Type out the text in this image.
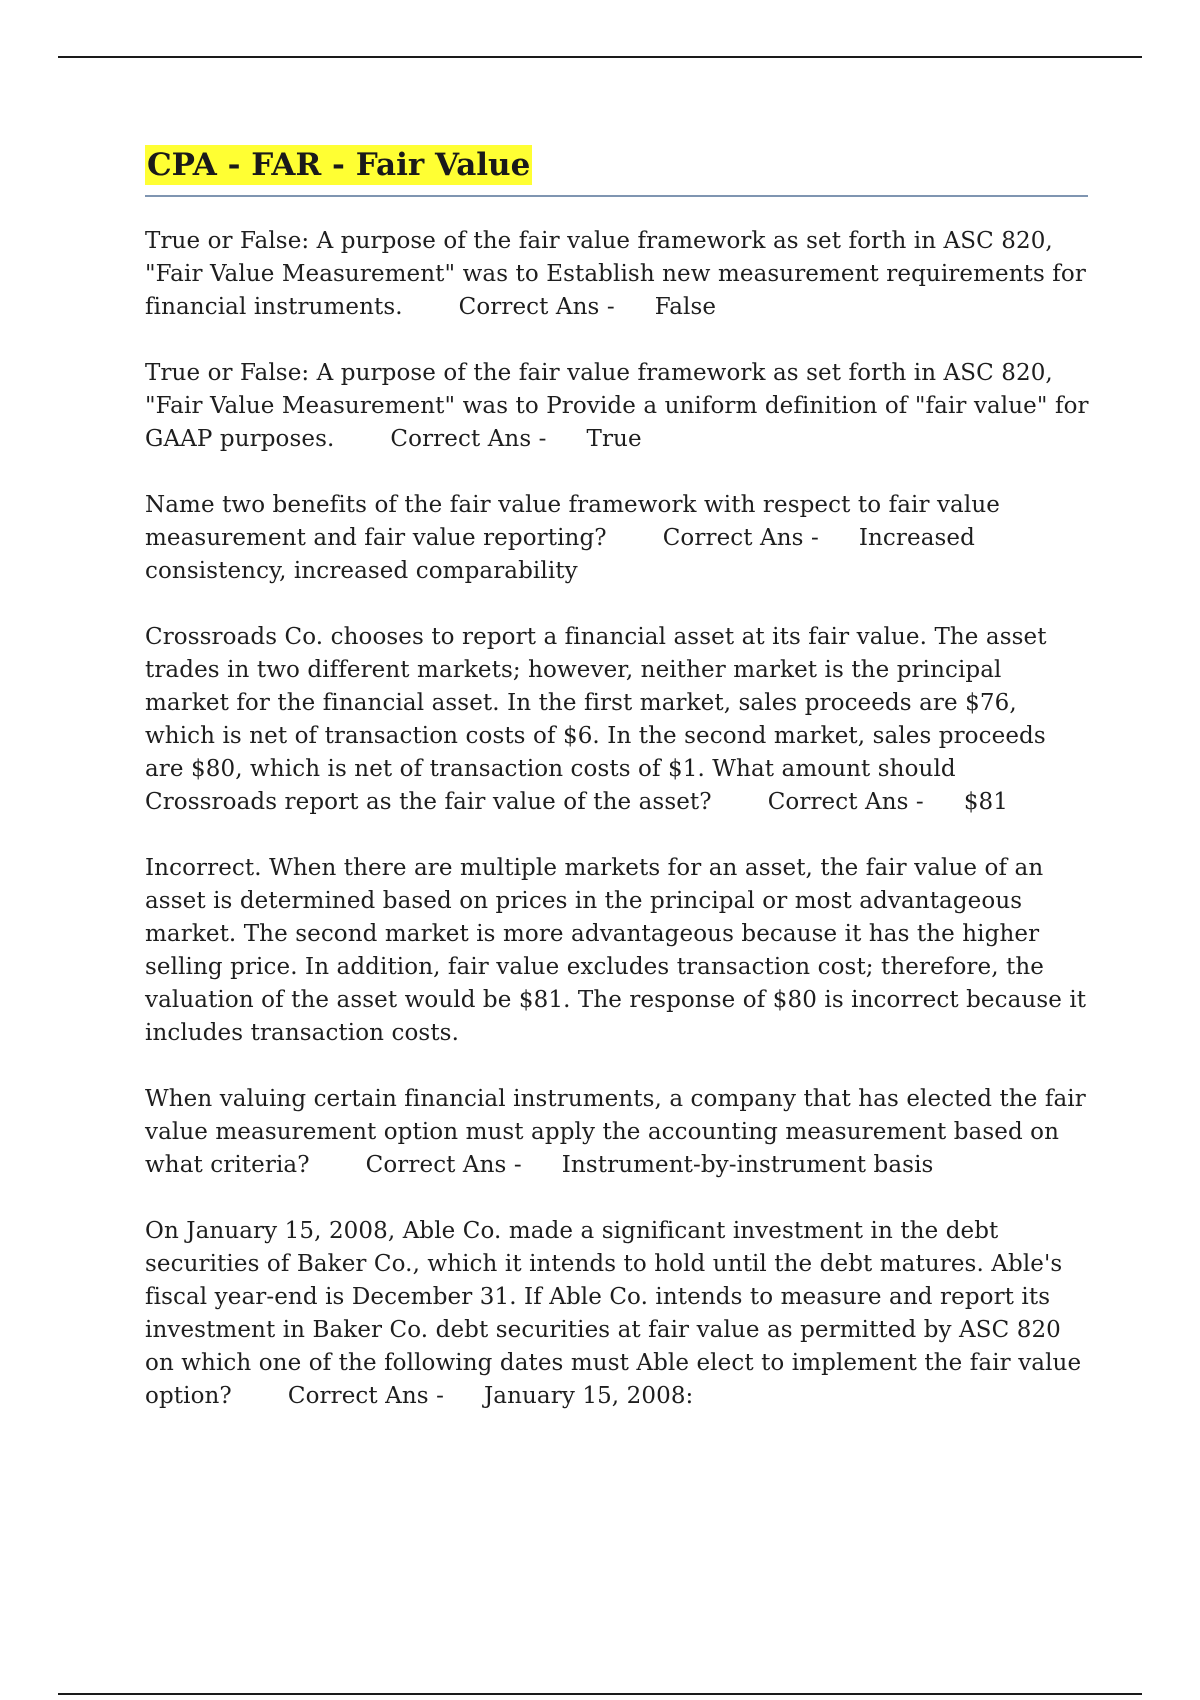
CPA - FAR - Fair Value

True or False: A purpose of the fair value framework as set forth in ASC 820, "Fair Value Measurement" was to Establish new measurement requirements for financial instruments. Correct Ans - False

True or False: A purpose of the fair value framework as set forth in ASC 820, "Fair Value Measurement" was to Provide a uniform definition of "fair value" for GAAP purposes. Correct Ans - True

Name two benefits of the fair value framework with respect to fair value measurement and fair value reporting? Correct Ans - Increased consistency, increased comparability

Crossroads Co. chooses to report a financial asset at its fair value. The asset trades in two different markets; however, neither market is the principal market for the financial asset. In the first market, sales proceeds are $76, which is net of transaction costs of $6. In the second market, sales proceeds are $80, which is net of transaction costs of $1. What amount should Crossroads report as the fair value of the asset? Correct Ans - $81

Incorrect. When there are multiple markets for an asset, the fair value of an asset is determined based on prices in the principal or most advantageous market. The second market is more advantageous because it has the higher selling price. In addition, fair value excludes transaction cost; therefore, the valuation of the asset would be $81. The response of $80 is incorrect because it includes transaction costs.

When valuing certain financial instruments, a company that has elected the fair value measurement option must apply the accounting measurement based on what criteria? Correct Ans - Instrument-by-instrument basis

On January 15, 2008, Able Co. made a significant investment in the debt securities of Baker Co., which it intends to hold until the debt matures. Able's fiscal year-end is December 31. If Able Co. intends to measure and report its investment in Baker Co. debt securities at fair value as permitted by ASC 820 on which one of the following dates must Able elect to implement the fair value option? Correct Ans - January 15, 2008:
